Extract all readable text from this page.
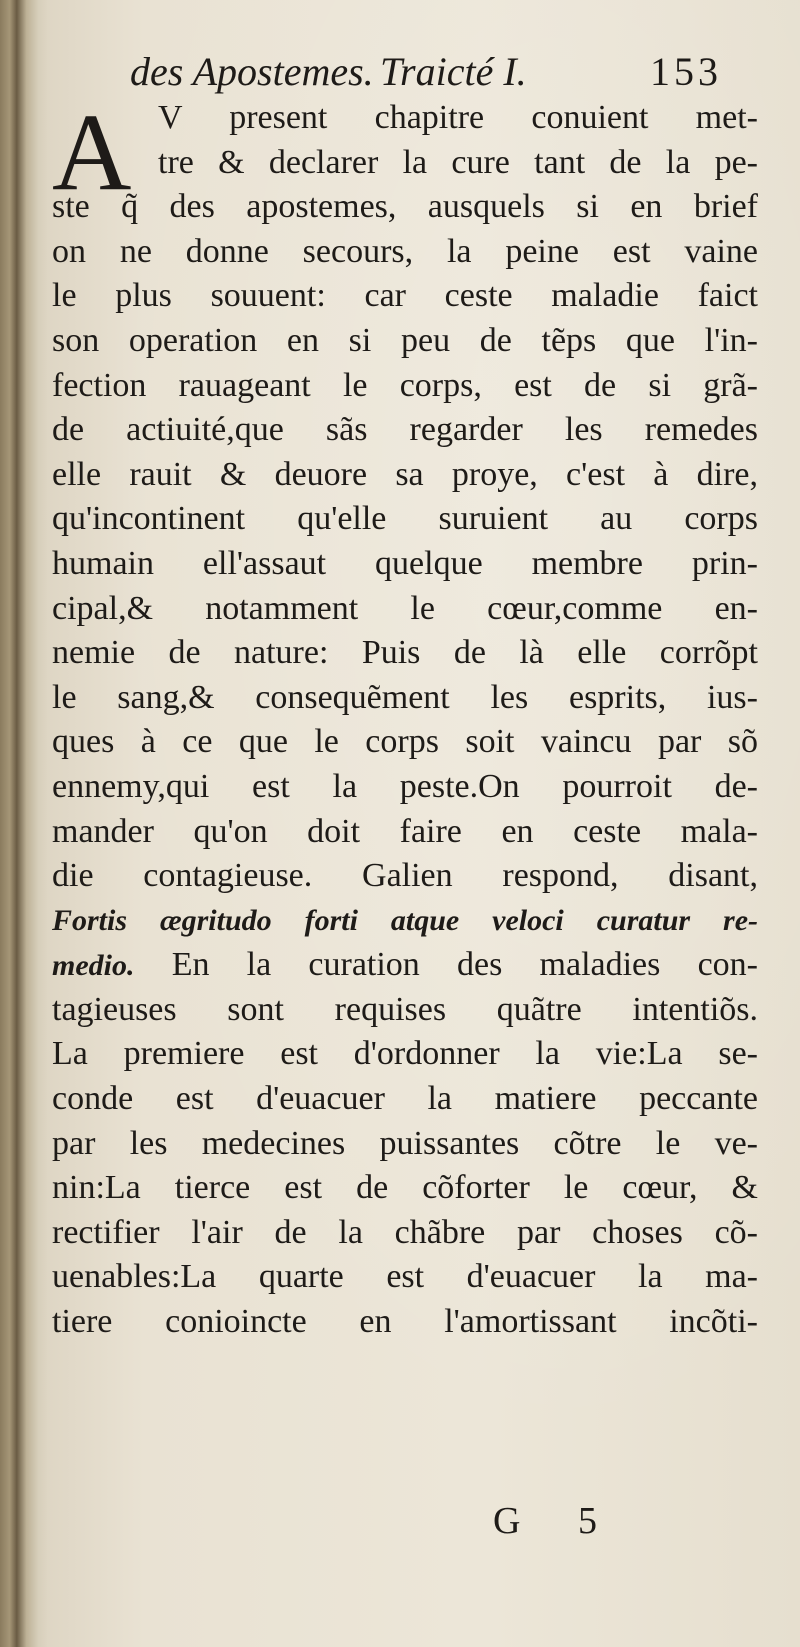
des Apostemes. Traicté I.	153
A V present chapitre conuient met-
tre & declarer la cure tant de la pe-
ste q̃ des apostemes, ausquels si en brief
on ne donne secours, la peine est vaine
le plus souuent: car ceste maladie faict
son operation en si peu de tẽps que l'in-
fection rauageant le corps, est de si grã-
de actiuité,que sãs regarder les remedes
elle rauit & deuore sa proye, c'est à dire,
qu'incontinent qu'elle suruient au corps
humain ell'assaut quelque membre prin-
cipal,& notamment le cœur,comme en-
nemie de nature: Puis de là elle corrõpt
le sang,& consequẽment les esprits, ius-
ques à ce que le corps soit vaincu par sõ
ennemy,qui est la peste.On pourroit de-
mander qu'on doit faire en ceste mala-
die contagieuse. Galien respond, disant,
Fortis ægritudo forti atque veloci curatur re-
medio. En la curation des maladies con-
tagieuses sont requises quãtre intentiõs.
La premiere est d'ordonner la vie:La se-
conde est d'euacuer la matiere peccante
par les medecines puissantes cõtre le ve-
nin:La tierce est de cõforter le cœur, &
rectifier l'air de la chãbre par choses cõ-
uenables:La quarte est d'euacuer la ma-
tiere conioincte en l'amortissant incõti-
G 5
